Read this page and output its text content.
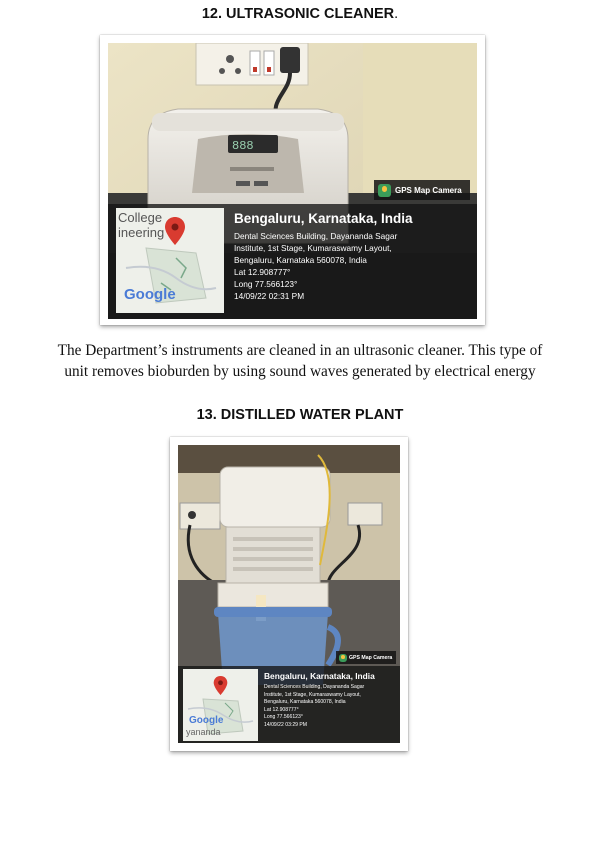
12. ULTRASONIC CLEANER.
888
GPS Map Camera
College
ineering
Google
Bengaluru, Karnataka, India
Dental Sciences Building, Dayananda Sagar
Institute, 1st Stage, Kumaraswamy Layout,
Bengaluru, Karnataka 560078, India
Lat 12.908777°
Long 77.566123°
14/09/22 02:31 PM
The Department’s instruments are cleaned in an ultrasonic cleaner. This type of
unit removes bioburden by using sound waves generated by electrical energy
13. DISTILLED WATER PLANT
GPS Map Camera
Google
yananda
Bengaluru, Karnataka, India
Dental Sciences Building, Dayananda Sagar
Institute, 1st Stage, Kumaraswamy Layout,
Bengaluru, Karnataka 560078, India
Lat 12.908777°
Long 77.566123°
14/09/22 03:29 PM
